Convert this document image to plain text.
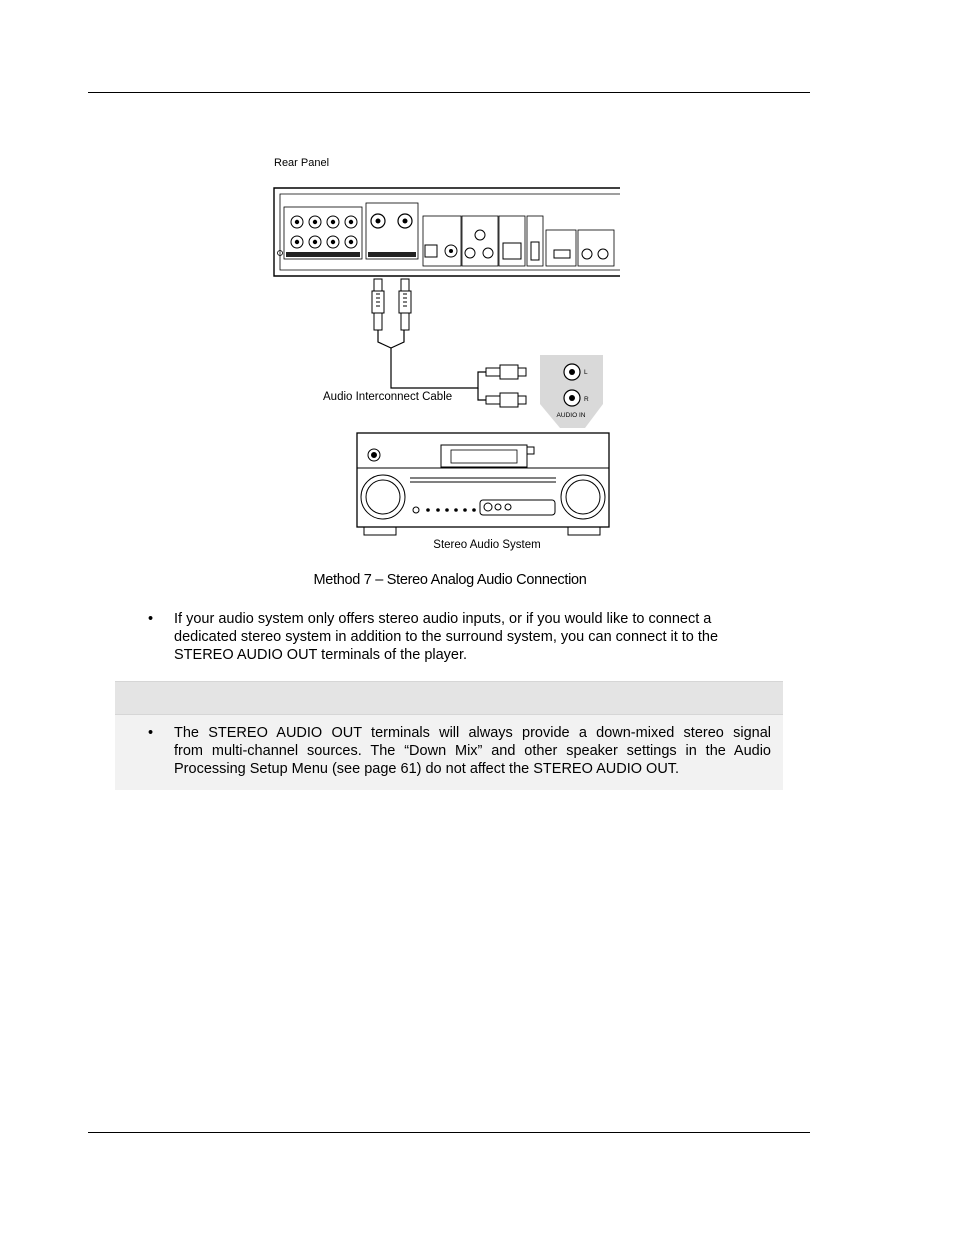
Rear Panel
L
R
AUDIO IN
Audio Interconnect Cable
Stereo Audio System
Method 7 – Stereo Analog Audio Connection
• If your audio system only offers stereo audio inputs, or if you would like to connect a
dedicated stereo system in addition to the surround system, you can connect it to the
STEREO AUDIO OUT terminals of the player.
• The STEREO AUDIO OUT terminals will always provide a down-mixed stereo signal
from multi-channel sources. The “Down Mix” and other speaker settings in the Audio
Processing Setup Menu (see page 61) do not affect the STEREO AUDIO OUT.
